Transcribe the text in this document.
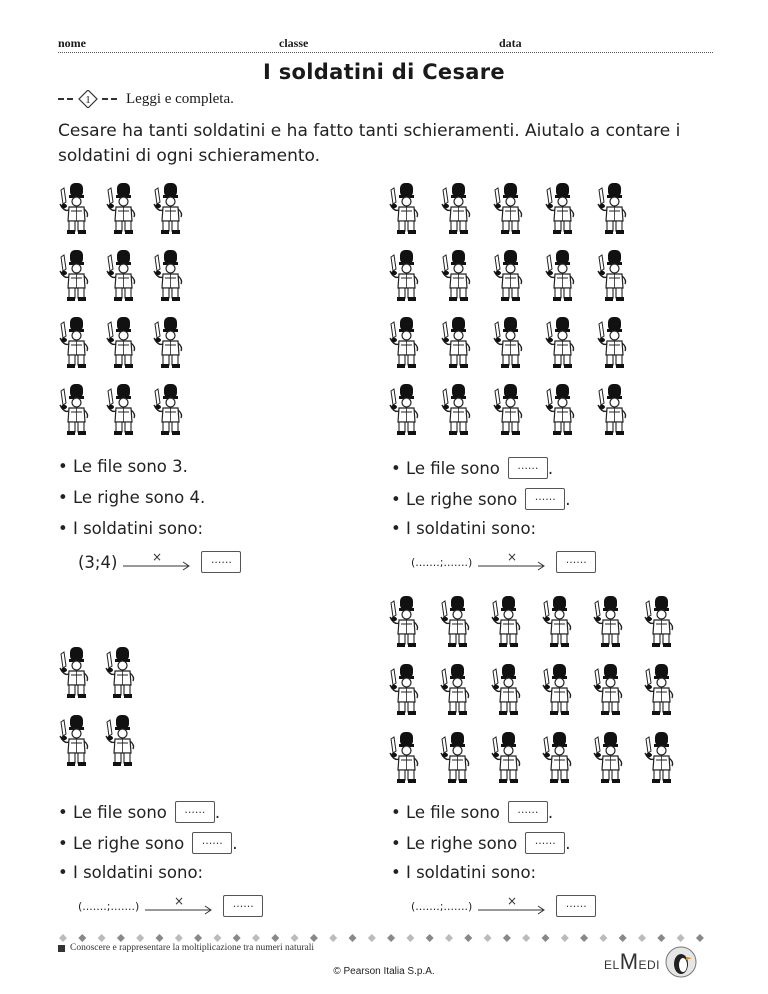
nome	classe	data
I soldatini di Cesare
1 Leggi e completa.
Cesare ha tanti soldatini e ha fatto tanti schieramenti. Aiutalo a contare i soldatini di ogni schieramento.
• Le file sono 3.
• Le righe sono 4.
• I soldatini sono:
(3;4)	×	......
• Le file sono	...... .
• Le righe sono	...... .
• I soldatini sono:
(.......;.......)	×	......
• Le file sono	...... .
• Le righe sono	...... .
• I soldatini sono:
(.......;.......)	×	......
• Le file sono	...... .
• Le righe sono	...... .
• I soldatini sono:
(.......;.......)	×	......
Conoscere e rappresentare la moltiplicazione tra numeri naturali
© Pearson Italia S.p.A.	ELMEDI
